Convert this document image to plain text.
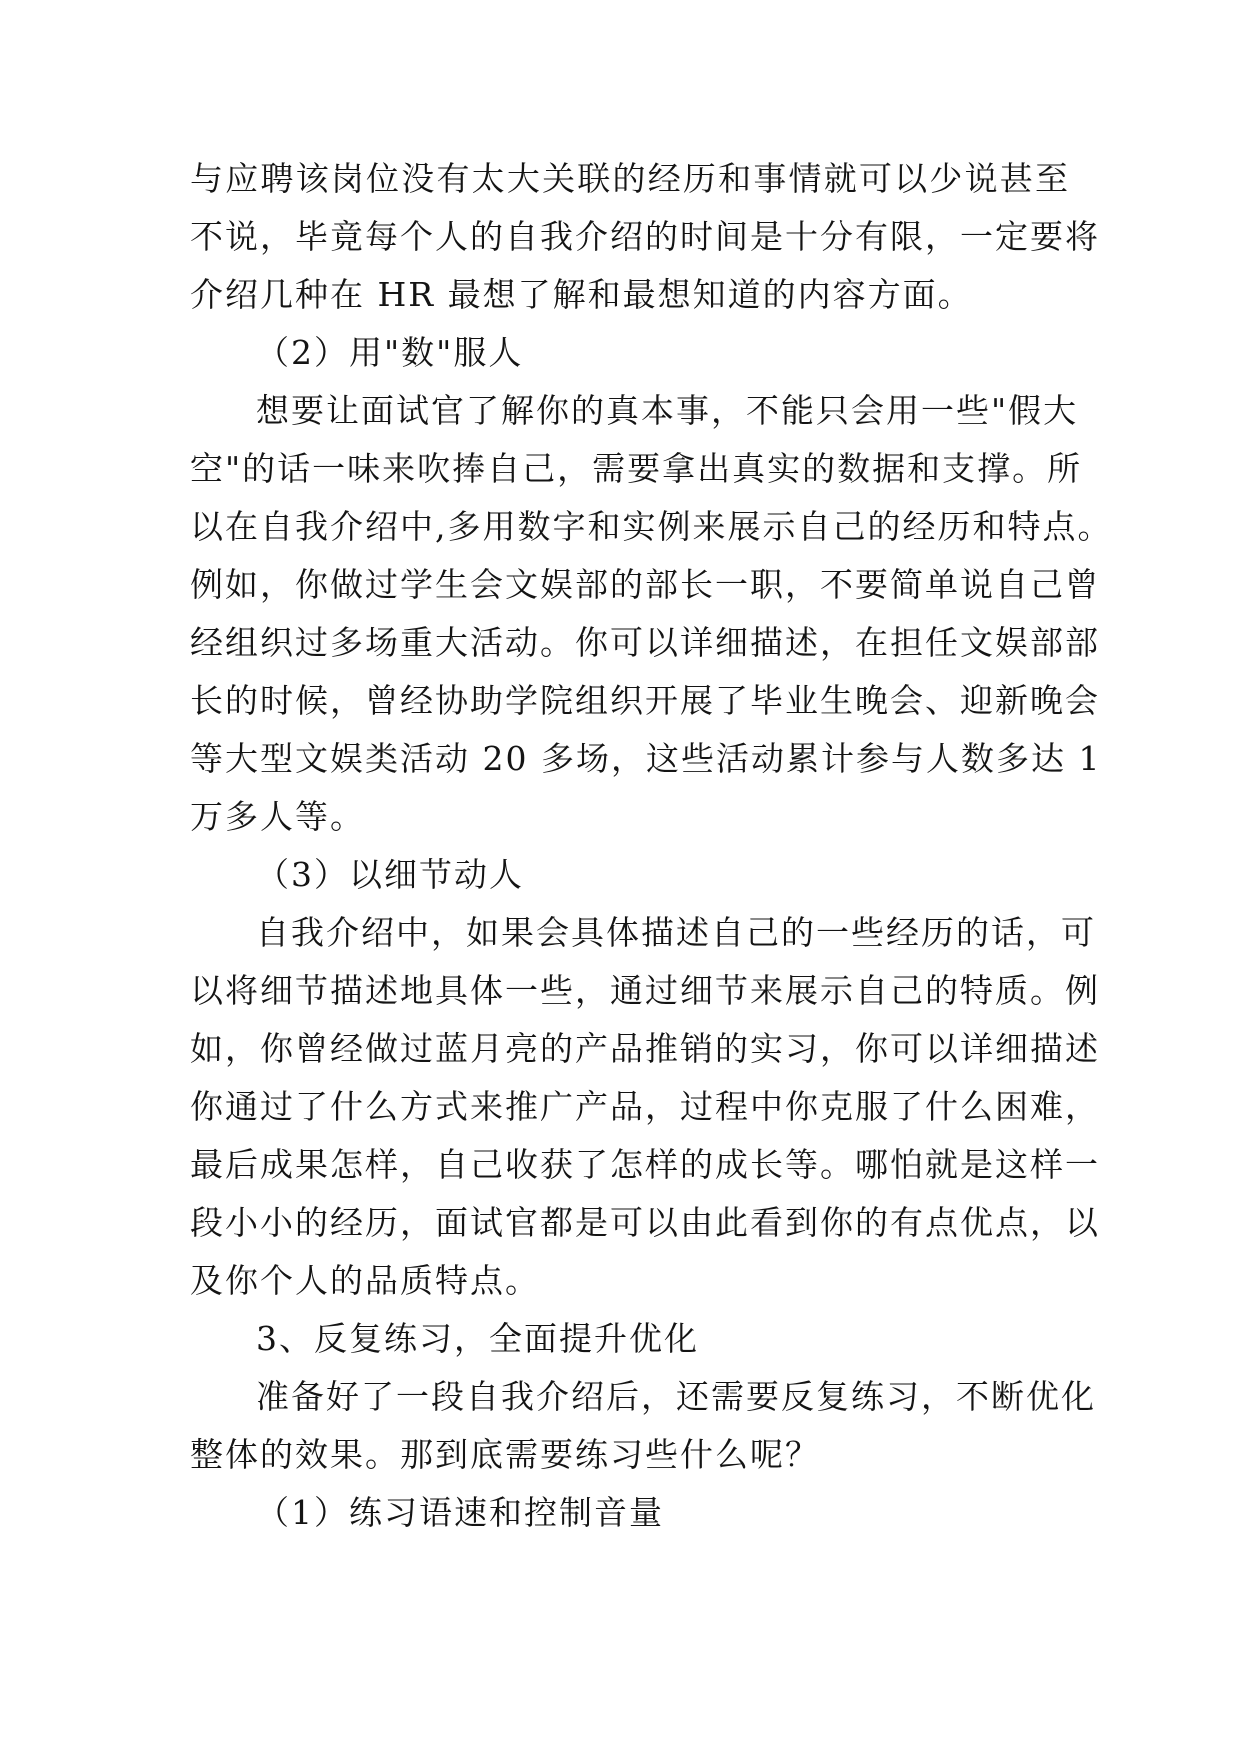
与应聘该岗位没有太大关联的经历和事情就可以少说甚至
不说，毕竟每个人的自我介绍的时间是十分有限，一定要将
介绍几种在 HR 最想了解和最想知道的内容方面。
（2）用"数"服人
想要让面试官了解你的真本事，不能只会用一些"假大
空"的话一味来吹捧自己，需要拿出真实的数据和支撑。所
以在自我介绍中,多用数字和实例来展示自己的经历和特点。
例如，你做过学生会文娱部的部长一职，不要简单说自己曾
经组织过多场重大活动。你可以详细描述，在担任文娱部部
长的时候，曾经协助学院组织开展了毕业生晚会、迎新晚会
等大型文娱类活动 20 多场，这些活动累计参与人数多达 1
万多人等。
（3）以细节动人
自我介绍中，如果会具体描述自己的一些经历的话，可
以将细节描述地具体一些，通过细节来展示自己的特质。例
如，你曾经做过蓝月亮的产品推销的实习，你可以详细描述
你通过了什么方式来推广产品，过程中你克服了什么困难，
最后成果怎样，自己收获了怎样的成长等。哪怕就是这样一
段小小的经历，面试官都是可以由此看到你的有点优点，以
及你个人的品质特点。
3、反复练习，全面提升优化
准备好了一段自我介绍后，还需要反复练习，不断优化
整体的效果。那到底需要练习些什么呢？
（1）练习语速和控制音量
